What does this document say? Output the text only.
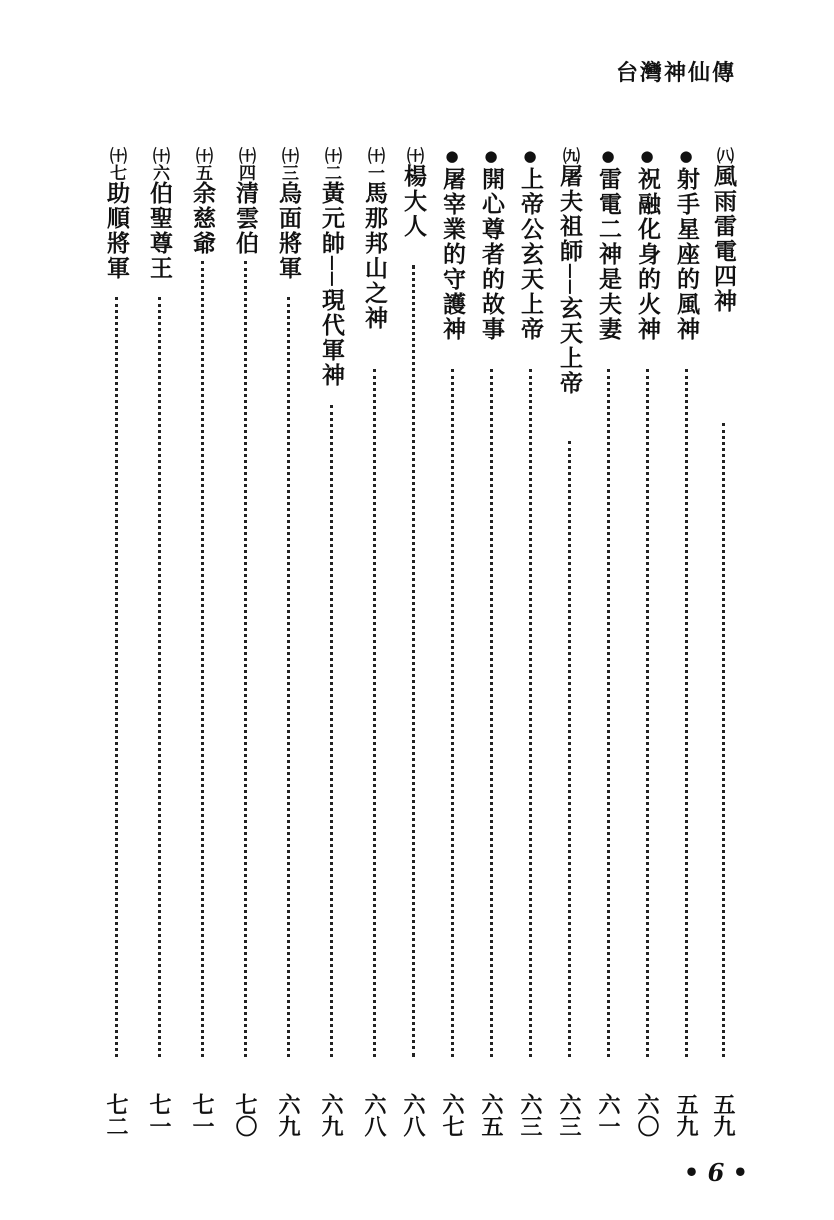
台灣神仙傳
㈧風雨雷電四神
五九
●射手星座的風神
五九
●祝融化身的火神
六〇
●雷電二神是夫妻
六一
㈨屠夫祖師──玄天上帝
六三
●上帝公玄天上帝
六三
●開心尊者的故事
六五
●屠宰業的守護神
六七
㈩楊大人
六八
㈩一馬那邦山之神
六八
㈩二黃元帥──現代軍神
六九
㈩三烏面將軍
六九
㈩四清雲伯
七〇
㈩五余慈爺
七一
㈩六伯聖尊王
七一
㈩七助順將軍
七二
• 6 •
